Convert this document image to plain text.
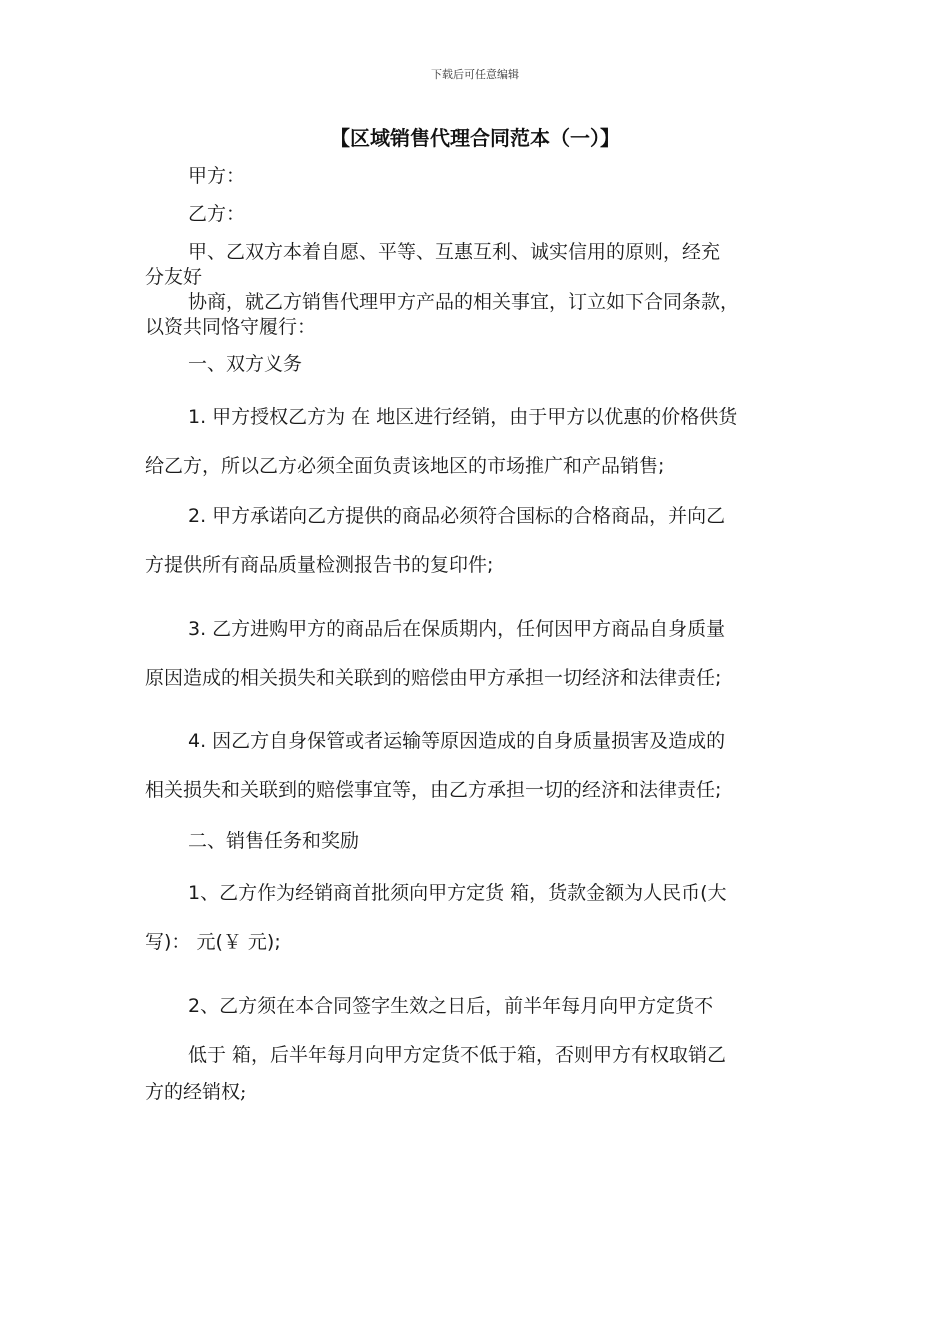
下载后可任意编辑
【区域销售代理合同范本（一）】
甲方：
乙方：
甲、乙双方本着自愿、平等、互惠互利、诚实信用的原则，经充
分友好
协商，就乙方销售代理甲方产品的相关事宜，订立如下合同条款，
以资共同恪守履行：
一、双方义务
1. 甲方授权乙方为 在 地区进行经销，由于甲方以优惠的价格供货
给乙方，所以乙方必须全面负责该地区的市场推广和产品销售;
2. 甲方承诺向乙方提供的商品必须符合国标的合格商品，并向乙
方提供所有商品质量检测报告书的复印件;
3. 乙方进购甲方的商品后在保质期内，任何因甲方商品自身质量
原因造成的相关损失和关联到的赔偿由甲方承担一切经济和法律责任;
4. 因乙方自身保管或者运输等原因造成的自身质量损害及造成的
相关损失和关联到的赔偿事宜等，由乙方承担一切的经济和法律责任;
二、销售任务和奖励
1、乙方作为经销商首批须向甲方定货 箱，货款金额为人民币(大
写)： 元(￥ 元);
2、乙方须在本合同签字生效之日后，前半年每月向甲方定货不
低于 箱，后半年每月向甲方定货不低于箱，否则甲方有权取销乙
方的经销权;
